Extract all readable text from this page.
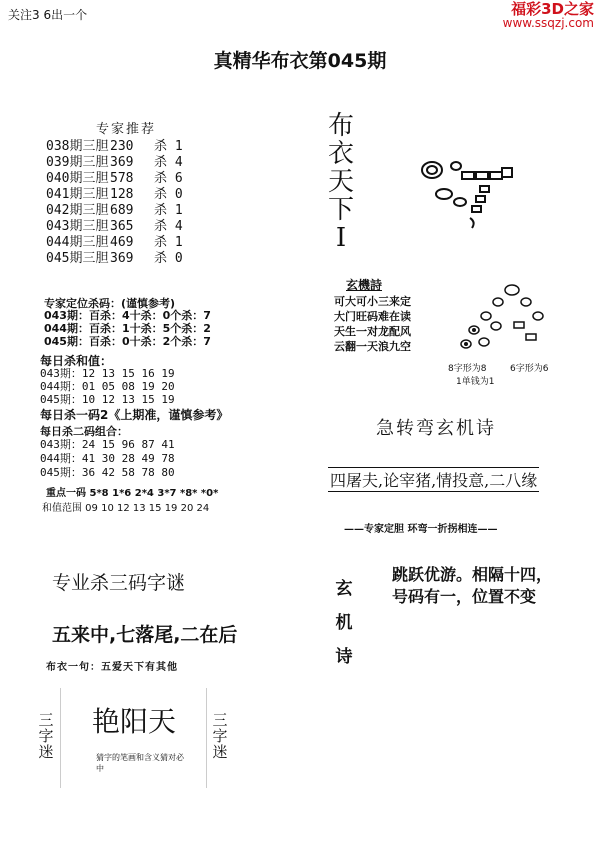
关注3 6出一个	福彩3D之家
www.ssqzj.com
真精华布衣第045期
专家推荐
038期三胆 230 杀 1
039期三胆 369 杀 4
040期三胆 578 杀 6
041期三胆 128 杀 0
042期三胆 689 杀 1
043期三胆 365 杀 4
044期三胆 469 杀 1
045期三胆 369 杀 0
专家定位杀码：(谨慎参考)
043期：百杀：4十杀：0个杀：7
044期：百杀：1十杀：5个杀：2
045期：百杀：0十杀：2个杀：7
每日杀和值：
043期：12 13 15 16 19
044期：01 05 08 19 20
045期：10 12 13 15 19
每日杀一码2《上期准，谨慎参考》
每日杀二码组合：
043期：24 15 96 87 41
044期：41 30 28 49 78
045期：36 42 58 78 80
重点一码 5*8 1*6 2*4 3*7 *8* *0*
和值范围 09 10 12 13 15 19 20 24
专业杀三码字谜
五来中,七落尾,二在后
布衣一句：五爱天下有其他
艳阳天
猜字的笔画和含义猜对必中
三字迷
三字迷
布衣天下I
玄機詩
可大可小三来定
大门旺码难在读
天生一对龙配风
云翻一天浪九空
8字形为8	6字形为6
1单钱为1
急转弯玄机诗
四屠夫,论宰猪,情投意,二八缘
——专家定胆 环弯一折拐相连——
玄机诗
跳跃优游。相隔十四，
号码有一，位置不变
